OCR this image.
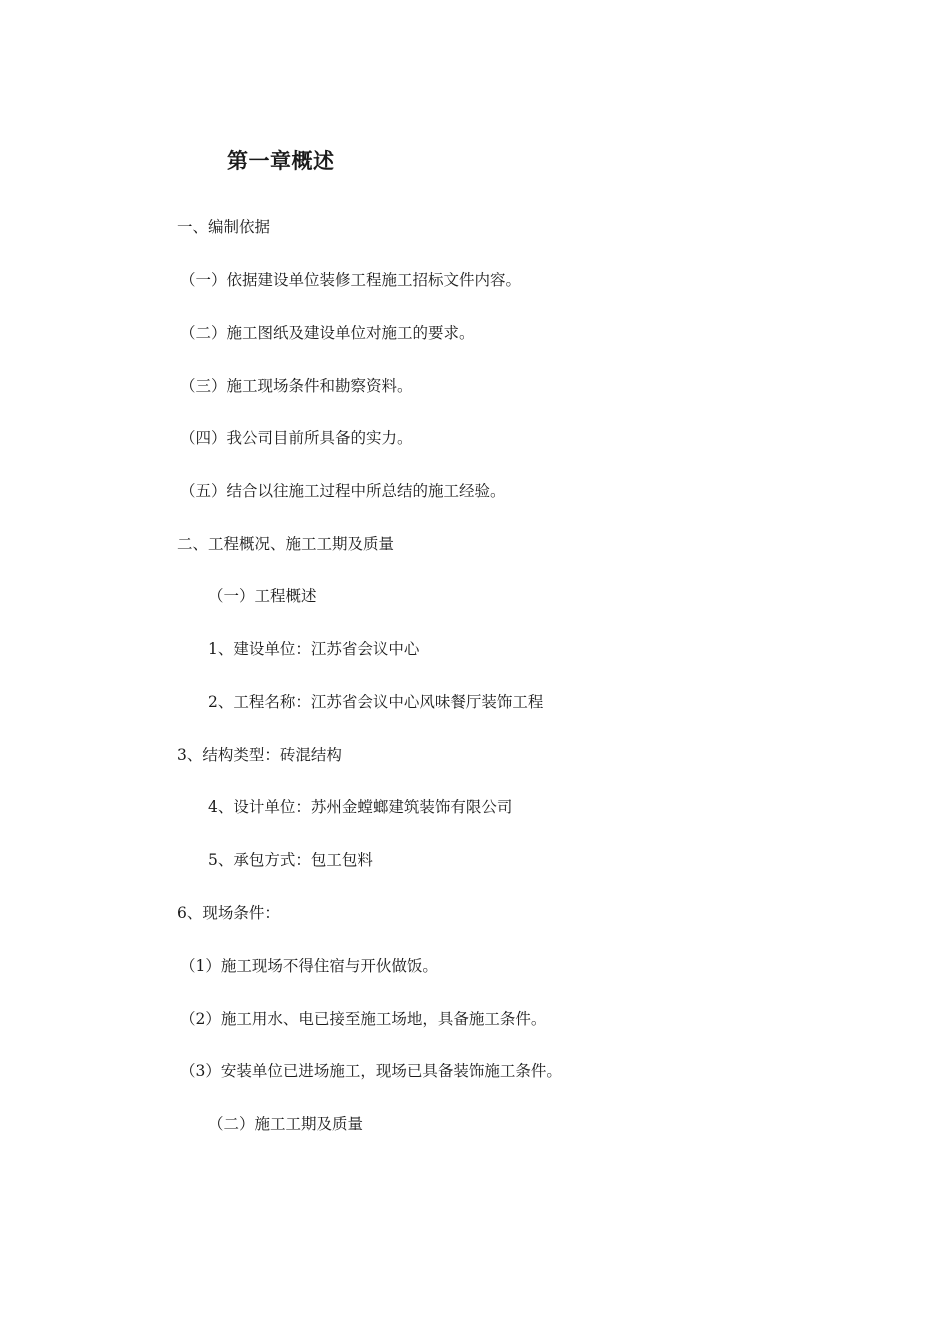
第一章概述
一、编制依据
（一）依据建设单位装修工程施工招标文件内容。
（二）施工图纸及建设单位对施工的要求。
（三）施工现场条件和勘察资料。
（四）我公司目前所具备的实力。
（五）结合以往施工过程中所总结的施工经验。
二、工程概况、施工工期及质量
（一）工程概述
1、建设单位：江苏省会议中心
2、工程名称：江苏省会议中心风味餐厅装饰工程
3、结构类型：砖混结构
4、设计单位：苏州金螳螂建筑装饰有限公司
5、承包方式：包工包料
6、现场条件：
（1）施工现场不得住宿与开伙做饭。
（2）施工用水、电已接至施工场地，具备施工条件。
（3）安装单位已进场施工，现场已具备装饰施工条件。
（二）施工工期及质量
